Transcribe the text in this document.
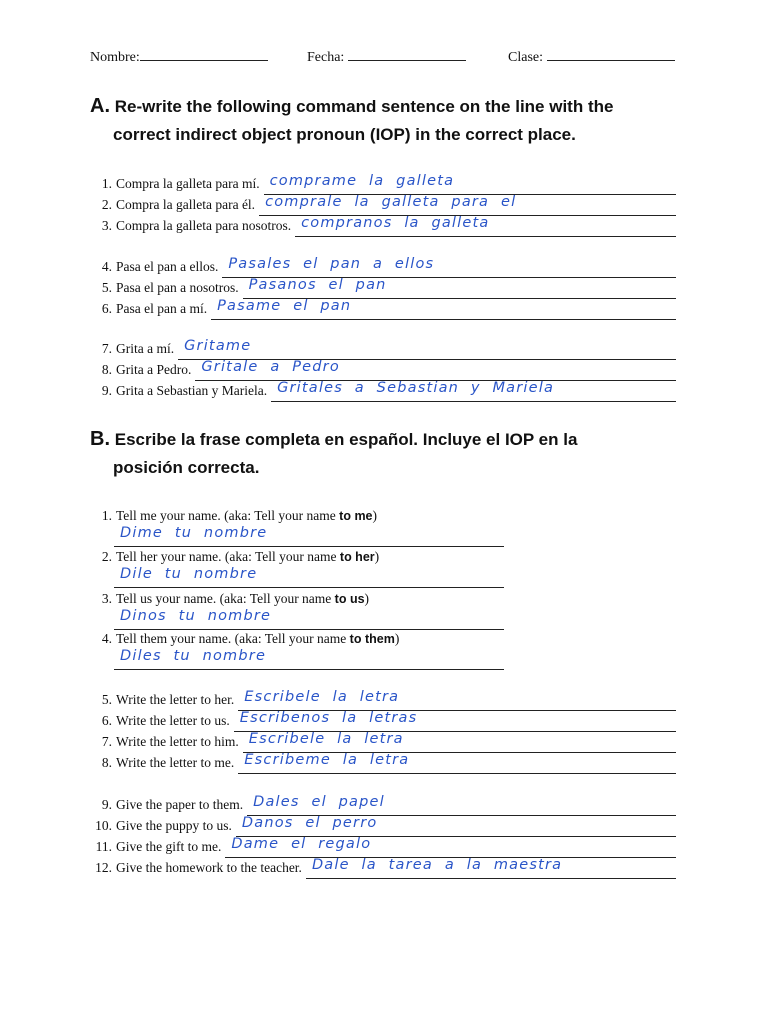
Nombre:	Fecha:	Clase:
A. Re-write the following command sentence on the line with the
correct indirect object pronoun (IOP) in the correct place.
1. Compra la galleta para mí. comprame la galleta
2. Compra la galleta para él. comprale la galleta para el
3. Compra la galleta para nosotros. compranos la galleta
4. Pasa el pan a ellos. Pasales el pan a ellos
5. Pasa el pan a nosotros. Pasanos el pan
6. Pasa el pan a mí. Pasame el pan
7. Grita a mí. Gritame
8. Grita a Pedro. Gritale a Pedro
9. Grita a Sebastian y Mariela. Gritales a Sebastian y Mariela
B. Escribe la frase completa en español. Incluye el IOP en la
posición correcta.
1. Tell me your name. (aka: Tell your name to me)
Dime tu nombre
2. Tell her your name. (aka: Tell your name to her)
Dile tu nombre
3. Tell us your name. (aka: Tell your name to us)
Dinos tu nombre
4. Tell them your name. (aka: Tell your name to them)
Diles tu nombre
5. Write the letter to her. Escribele la letra
6. Write the letter to us. Escribenos la letras
7. Write the letter to him. Escribele la letra
8. Write the letter to me. Escribeme la letra
9. Give the paper to them. Dales el papel
10. Give the puppy to us. Danos el perro
11. Give the gift to me. Dame el regalo
12. Give the homework to the teacher. Dale la tarea a la maestra
